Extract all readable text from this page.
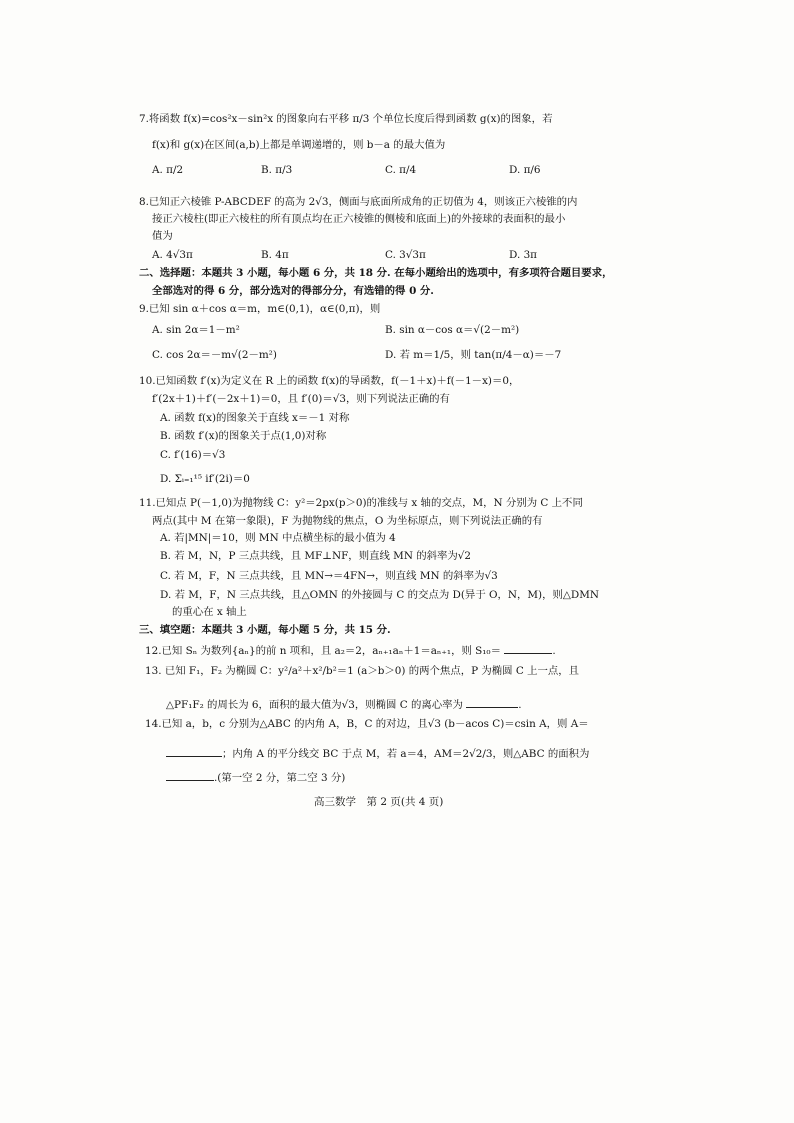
7.将函数 f(x)=cos²x－sin²x 的图象向右平移 π/3 个单位长度后得到函数 g(x)的图象，若
f(x)和 g(x)在区间(a,b)上都是单调递增的，则 b－a 的最大值为
A. π/2	B. π/3	C. π/4	D. π/6
8.已知正六棱锥 P-ABCDEF 的高为 2√3，侧面与底面所成角的正切值为 4，则该正六棱锥的内
接正六棱柱(即正六棱柱的所有顶点均在正六棱锥的侧棱和底面上)的外接球的表面积的最小
值为
A. 4√3π	B. 4π	C. 3√3π	D. 3π
二、选择题：本题共 3 小题，每小题 6 分，共 18 分. 在每小题给出的选项中，有多项符合题目要求，
全部选对的得 6 分，部分选对的得部分分，有选错的得 0 分.
9.已知 sin α＋cos α＝m，m∈(0,1)，α∈(0,π)，则
A. sin 2α＝1－m²	B. sin α－cos α＝√(2－m²)
C. cos 2α＝－m√(2－m²)	D. 若 m＝1/5，则 tan(π/4－α)＝－7
10.已知函数 f′(x)为定义在 R 上的函数 f(x)的导函数，f(－1＋x)＋f(－1－x)＝0，
f′(2x＋1)＋f′(－2x＋1)＝0，且 f′(0)＝√3，则下列说法正确的有
A. 函数 f(x)的图象关于直线 x＝－1 对称
B. 函数 f′(x)的图象关于点(1,0)对称
C. f′(16)＝√3
D. Σᵢ₌₁¹⁵ if′(2i)＝0
11.已知点 P(－1,0)为抛物线 C：y²＝2px(p＞0)的准线与 x 轴的交点，M，N 分别为 C 上不同
两点(其中 M 在第一象限)，F 为抛物线的焦点，O 为坐标原点，则下列说法正确的有
A. 若|MN|＝10，则 MN 中点横坐标的最小值为 4
B. 若 M，N，P 三点共线，且 MF⊥NF，则直线 MN 的斜率为√2
C. 若 M，F，N 三点共线，且 MN→＝4FN→，则直线 MN 的斜率为√3
D. 若 M，F，N 三点共线，且△OMN 的外接圆与 C 的交点为 D(异于 O，N，M)，则△DMN
的重心在 x 轴上
三、填空题：本题共 3 小题，每小题 5 分，共 15 分.
12.已知 Sₙ 为数列{aₙ}的前 n 项和，且 a₂＝2，aₙ₊₁aₙ＋1＝aₙ₊₁，则 S₁₀＝	.
13. 已知 F₁，F₂ 为椭圆 C：y²/a²＋x²/b²＝1 (a＞b＞0) 的两个焦点，P 为椭圆 C 上一点，且
△PF₁F₂ 的周长为 6，面积的最大值为√3，则椭圆 C 的离心率为	.
14.已知 a，b，c 分别为△ABC 的内角 A，B，C 的对边，且√3 (b－acos C)＝csin A，则 A＝
；内角 A 的平分线交 BC 于点 M，若 a＝4，AM＝2√2/3，则△ABC 的面积为
.(第一空 2 分，第二空 3 分)
高三数学　第 2 页(共 4 页)
